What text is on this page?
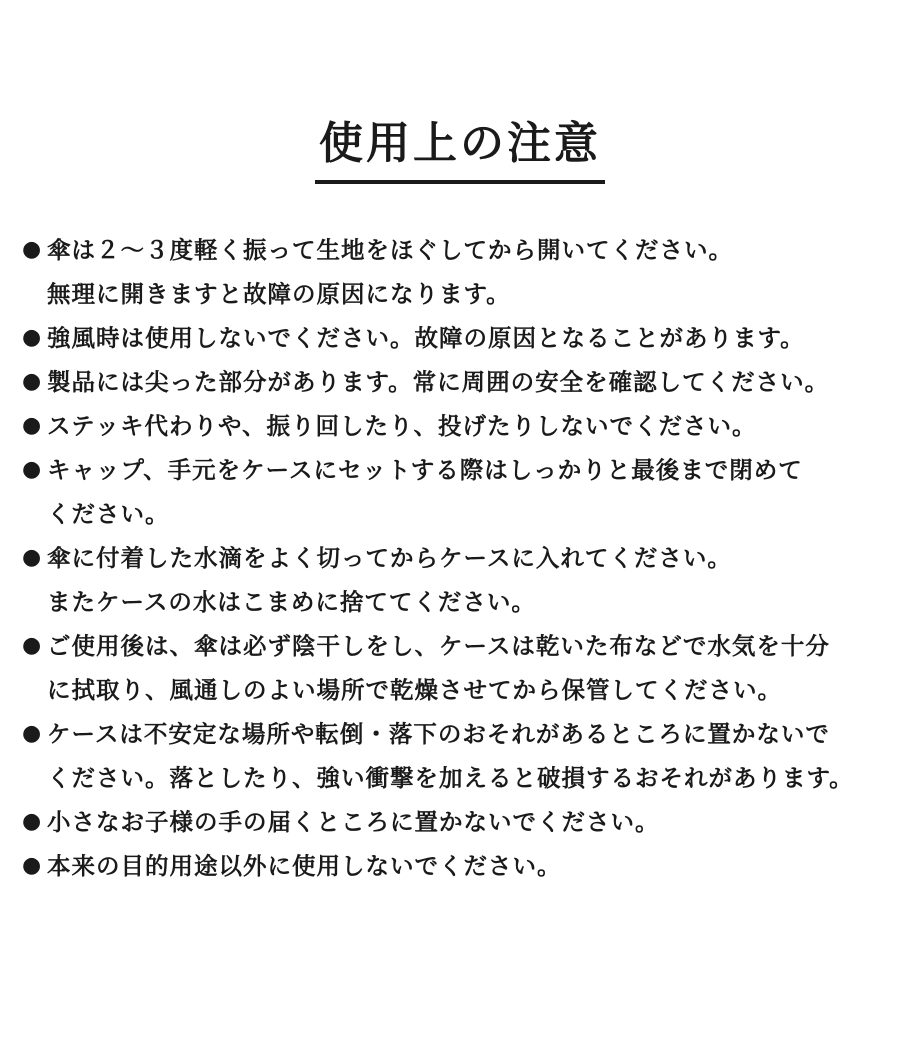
使用上の注意
● 傘は２～３度軽く振って生地をほぐしてから開いてください。
無理に開きますと故障の原因になります。
● 強風時は使用しないでください。故障の原因となることがあります。
● 製品には尖った部分があります。常に周囲の安全を確認してください。
● ステッキ代わりや、振り回したり、投げたりしないでください。
● キャップ、手元をケースにセットする際はしっかりと最後まで閉めて
ください。
● 傘に付着した水滴をよく切ってからケースに入れてください。
またケースの水はこまめに捨ててください。
● ご使用後は、傘は必ず陰干しをし、ケースは乾いた布などで水気を十分
に拭取り、風通しのよい場所で乾燥させてから保管してください。
● ケースは不安定な場所や転倒・落下のおそれがあるところに置かないで
ください。落としたり、強い衝撃を加えると破損するおそれがあります。
● 小さなお子様の手の届くところに置かないでください。
● 本来の目的用途以外に使用しないでください。
